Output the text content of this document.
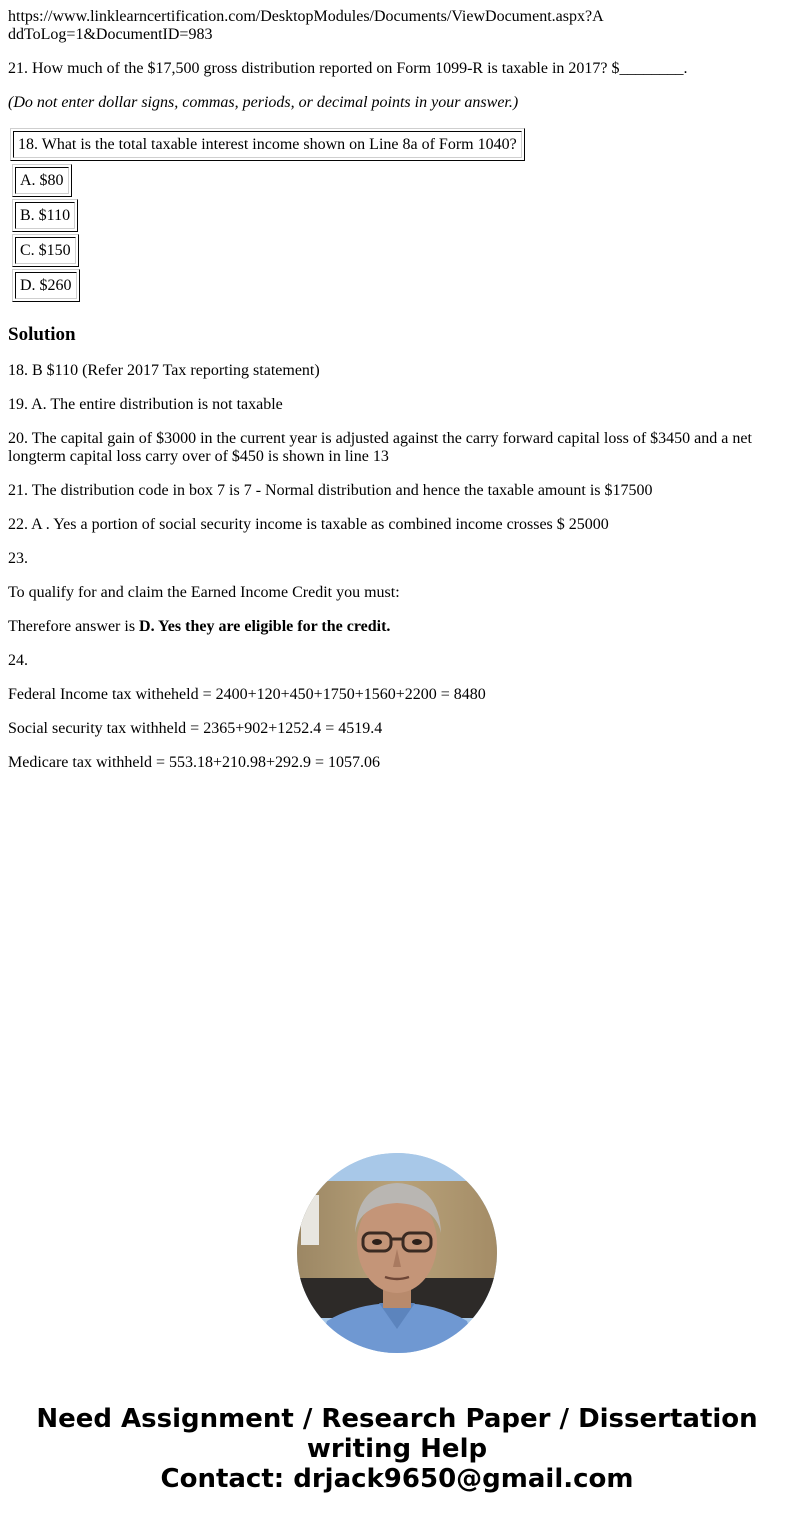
https://www.linklearncertification.com/DesktopModules/Documents/ViewDocument.aspx?AddToLog=1&DocumentID=983

21. How much of the $17,500 gross distribution reported on Form 1099-R is taxable in 2017? $________.

(Do not enter dollar signs, commas, periods, or decimal points in your answer.)

18. What is the total taxable interest income shown on Line 8a of Form 1040?
A. $80
B. $110
C. $150
D. $260
Solution

18. B $110 (Refer 2017 Tax reporting statement)

19. A. The entire distribution is not taxable

20. The capital gain of $3000 in the current year is adjusted against the carry forward capital loss of $3450 and a net longterm capital loss carry over of $450 is shown in line 13

21. The distribution code in box 7 is 7 - Normal distribution and hence the taxable amount is $17500

22. A . Yes a portion of social security income is taxable as combined income crosses $ 25000

23.

To qualify for and claim the Earned Income Credit you must:

Therefore answer is D. Yes they are eligible for the credit.

24.

Federal Income tax witheheld = 2400+120+450+1750+1560+2200 = 8480

Social security tax withheld = 2365+902+1252.4 = 4519.4

Medicare tax withheld = 553.18+210.98+292.9 = 1057.06

Need Assignment / Research Paper / Dissertation
writing Help
Contact: drjack9650@gmail.com
